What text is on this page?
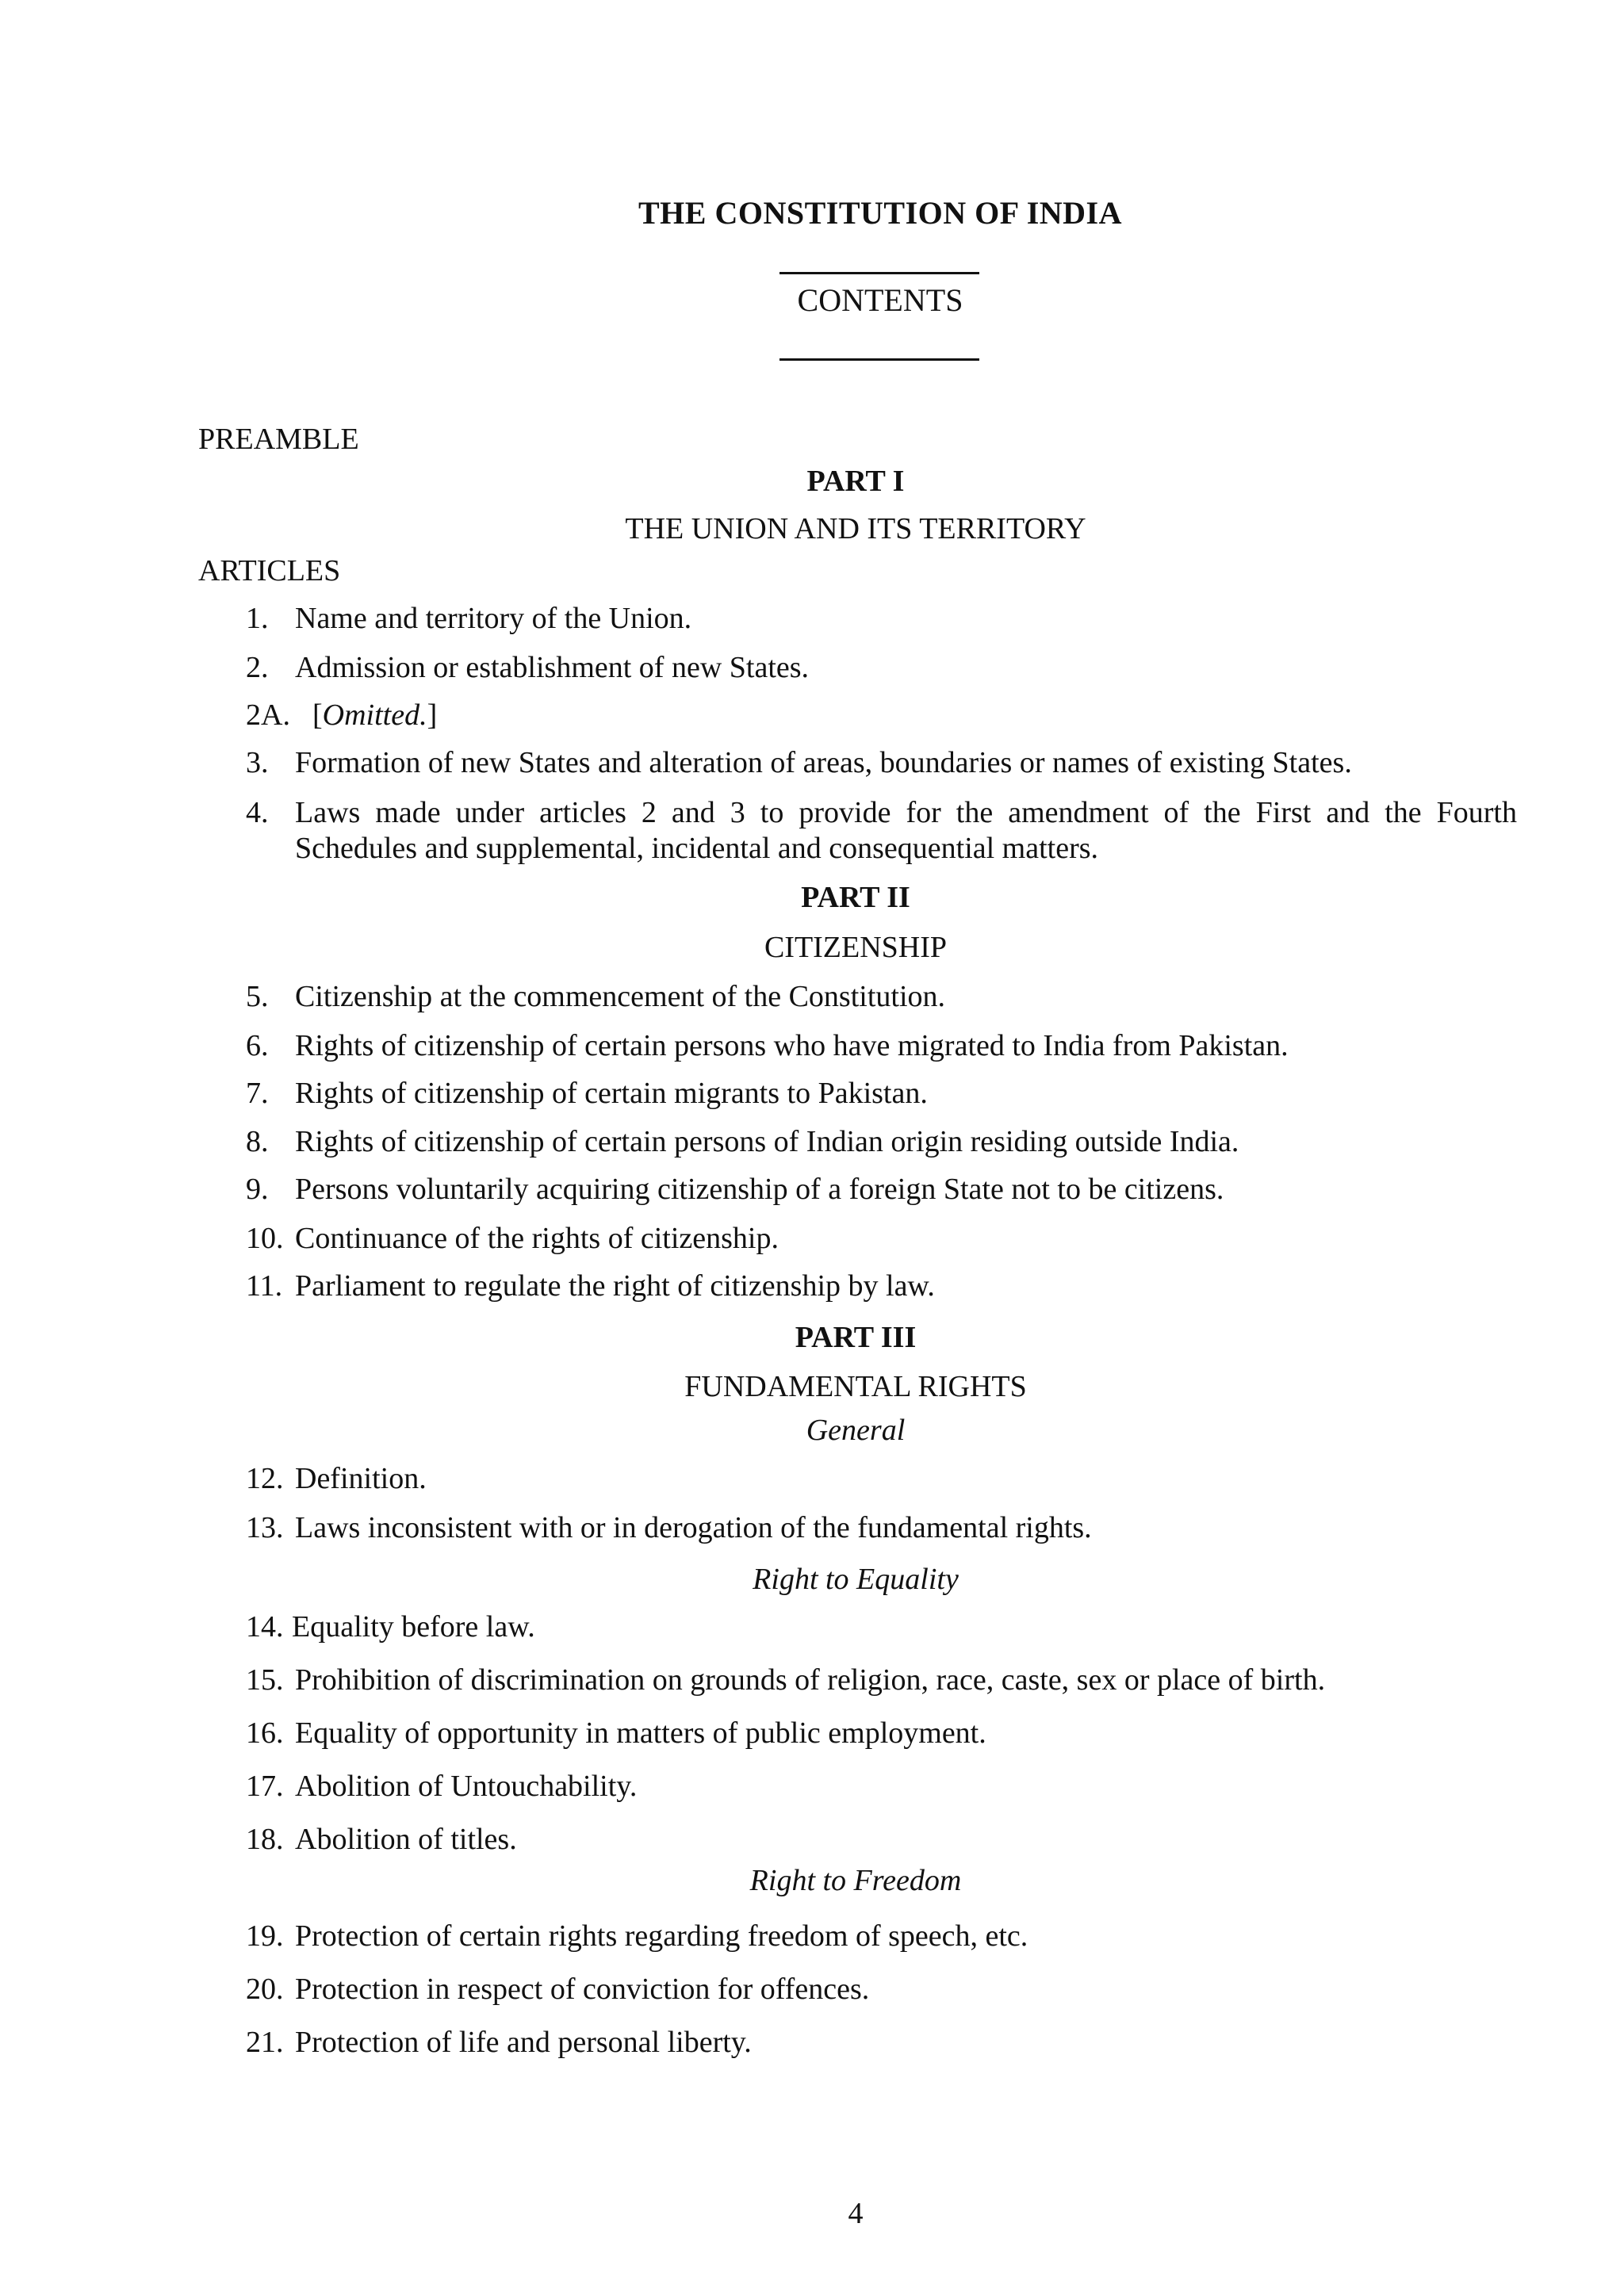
THE CONSTITUTION OF INDIA
CONTENTS
PREAMBLE
PART I
THE UNION AND ITS TERRITORY
ARTICLES
1. Name and territory of the Union.
2. Admission or establishment of new States.
2A. [Omitted.]
3. Formation of new States and alteration of areas, boundaries or names of existing States.
4. Laws made under articles 2 and 3 to provide for the amendment of the First and the Fourth
Schedules and supplemental, incidental and consequential matters.
PART II
CITIZENSHIP
5. Citizenship at the commencement of the Constitution.
6. Rights of citizenship of certain persons who have migrated to India from Pakistan.
7. Rights of citizenship of certain migrants to Pakistan.
8. Rights of citizenship of certain persons of Indian origin residing outside India.
9. Persons voluntarily acquiring citizenship of a foreign State not to be citizens.
10. Continuance of the rights of citizenship.
11. Parliament to regulate the right of citizenship by law.
PART III
FUNDAMENTAL RIGHTS
General
12. Definition.
13. Laws inconsistent with or in derogation of the fundamental rights.
Right to Equality
14. Equality before law.
15. Prohibition of discrimination on grounds of religion, race, caste, sex or place of birth.
16. Equality of opportunity in matters of public employment.
17. Abolition of Untouchability.
18. Abolition of titles.
Right to Freedom
19. Protection of certain rights regarding freedom of speech, etc.
20. Protection in respect of conviction for offences.
21. Protection of life and personal liberty.
4
